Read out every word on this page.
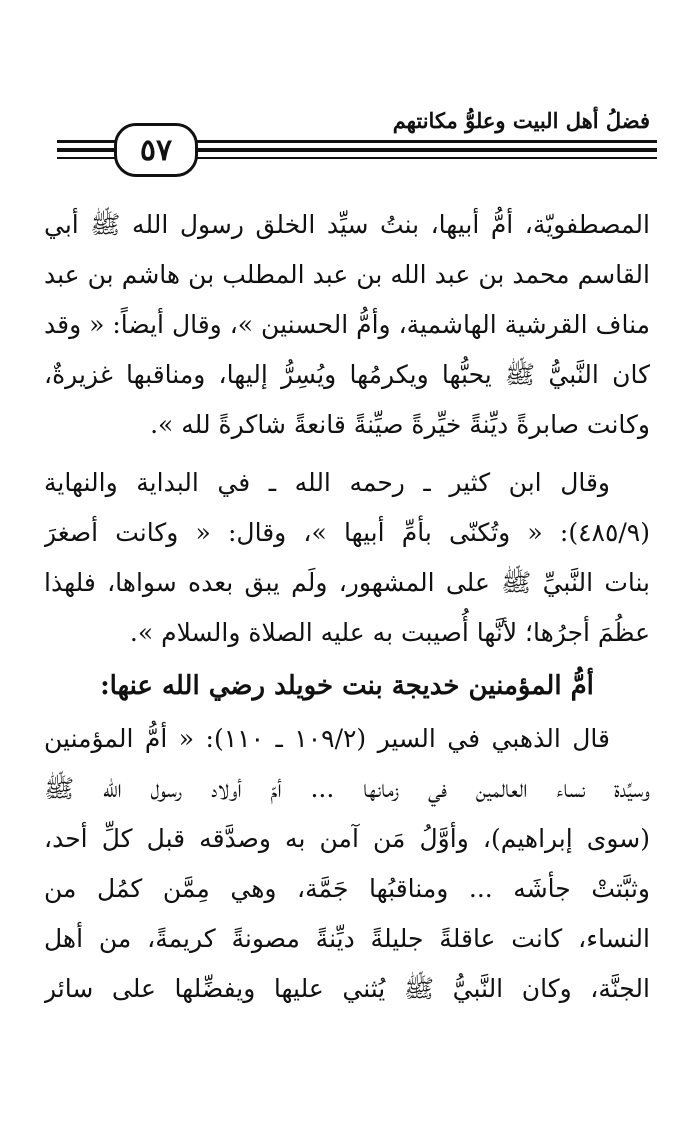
فضلُ أهل البيت وعلوُّ مكانتهم
٥٧
المصطفويّة، أمُّ أبيها، بنتُ سيِّد الخلق رسول الله ﷺ أبي
القاسم محمد بن عبد الله بن عبد المطلب بن هاشم بن عبد
مناف القرشية الهاشمية، وأمُّ الحسنين »، وقال أيضاً: « وقد
كان النَّبيُّ ﷺ يحبُّها ويكرمُها ويُسِرُّ إليها، ومناقبها غزيرةٌ،
وكانت صابرةً ديِّنةً خيِّرةً صيِّنةً قانعةً شاكرةً لله ».
وقال ابن كثير ـ رحمه الله ـ في البداية والنهاية
(٤٨٥/٩): « وتُكنّى بأمِّ أبيها »، وقال: « وكانت أصغرَ
بنات النَّبيِّ ﷺ على المشهور، ولَم يبق بعده سواها، فلهذا
عظُمَ أجرُها؛ لأنَّها أُصيبت به عليه الصلاة والسلام ».
أمُّ المؤمنين خديجة بنت خويلد رضي الله عنها:
قال الذهبي في السير (١٠٩/٢ ـ ١١٠): « أمُّ المؤمنين
وسيِّدة نساء العالمين في زمانها ... أمّ أولاد رسول الله ﷺ
(سوى إبراهيم)، وأوَّلُ مَن آمن به وصدَّقه قبل كلِّ أحد،
وثبَّتتْ جأشَه ... ومناقبُها جَمَّة، وهي مِمَّن كمُل من
النساء، كانت عاقلةً جليلةً ديِّنةً مصونةً كريمةً، من أهل
الجنَّة، وكان النَّبيُّ ﷺ يُثني عليها ويفضِّلها على سائر
